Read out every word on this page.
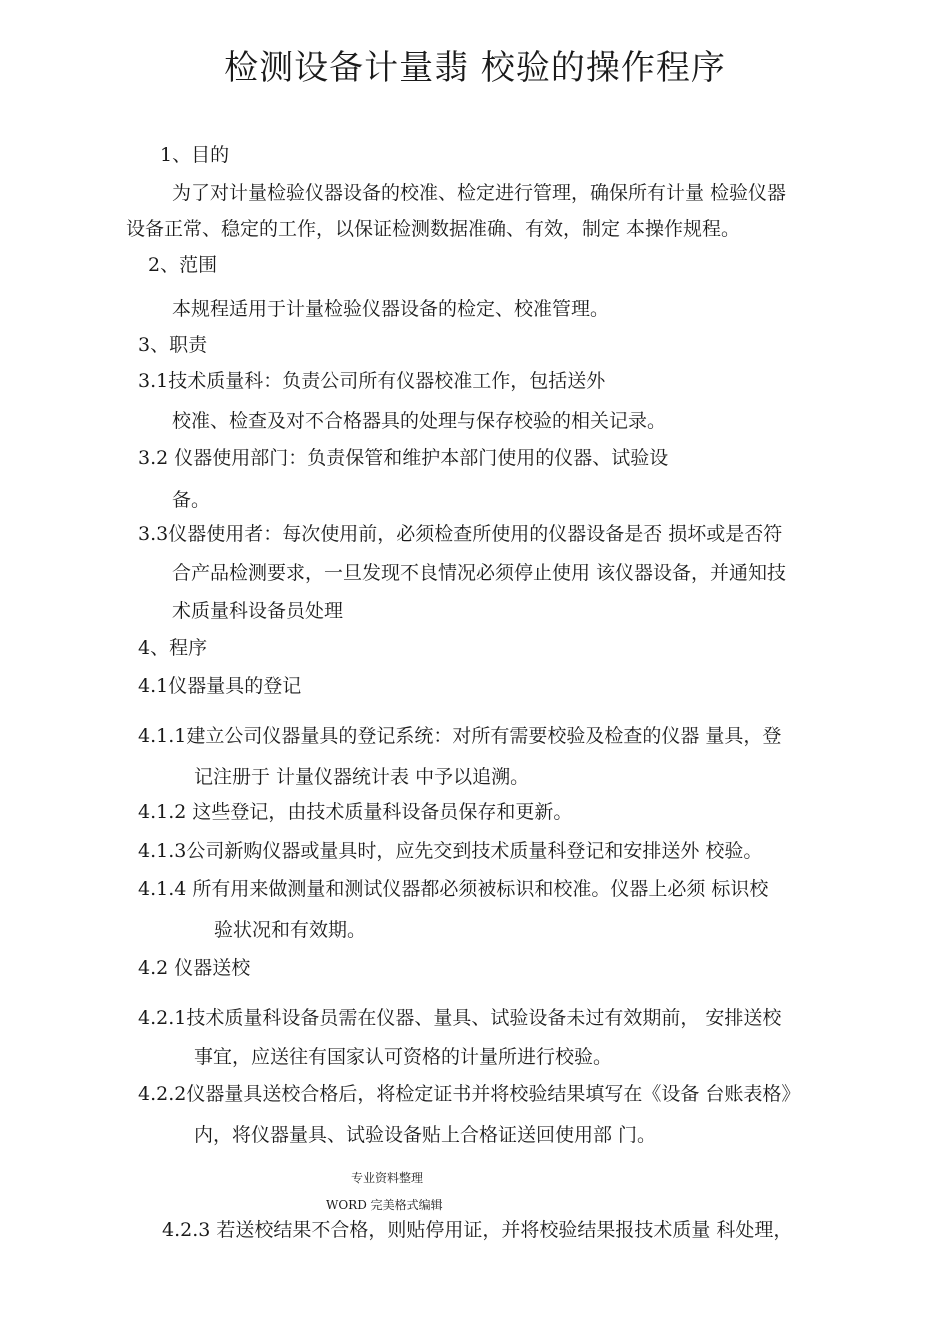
检测设备计量翡 校验的操作程序
1、目的
为了对计量检验仪器设备的校准、检定进行管理，确保所有计量 检验仪器
设备正常、稳定的工作，以保证检测数据准确、有效，制定 本操作规程。
2、范围
本规程适用于计量检验仪器设备的检定、校准管理。
3、职责
3.1技术质量科：负责公司所有仪器校准工作，包括送外
校准、检查及对不合格器具的处理与保存校验的相关记录。
3.2 仪器使用部门：负责保管和维护本部门使用的仪器、试验设
备。
3.3仪器使用者：每次使用前，必须检查所使用的仪器设备是否 损坏或是否符
合产品检测要求，一旦发现不良情况必须停止使用 该仪器设备，并通知技
术质量科设备员处理
4、程序
4.1仪器量具的登记
4.1.1建立公司仪器量具的登记系统：对所有需要校验及检查的仪器 量具，登
记注册于 计量仪器统计表 中予以追溯。
4.1.2 这些登记，由技术质量科设备员保存和更新。
4.1.3公司新购仪器或量具时，应先交到技术质量科登记和安排送外 校验。
4.1.4 所有用来做测量和测试仪器都必须被标识和校准。仪器上必须 标识校
验状况和有效期。
4.2 仪器送校
4.2.1技术质量科设备员需在仪器、量具、试验设备未过有效期前， 安排送校
事宜，应送往有国家认可资格的计量所进行校验。
4.2.2仪器量具送校合格后，将检定证书并将校验结果填写在《设备 台账表格》
内，将仪器量具、试验设备贴上合格证送回使用部 门。
4.2.3 若送校结果不合格，则贴停用证，并将校验结果报技术质量 科处理，
专业资料整理
WORD 完美格式编辑
